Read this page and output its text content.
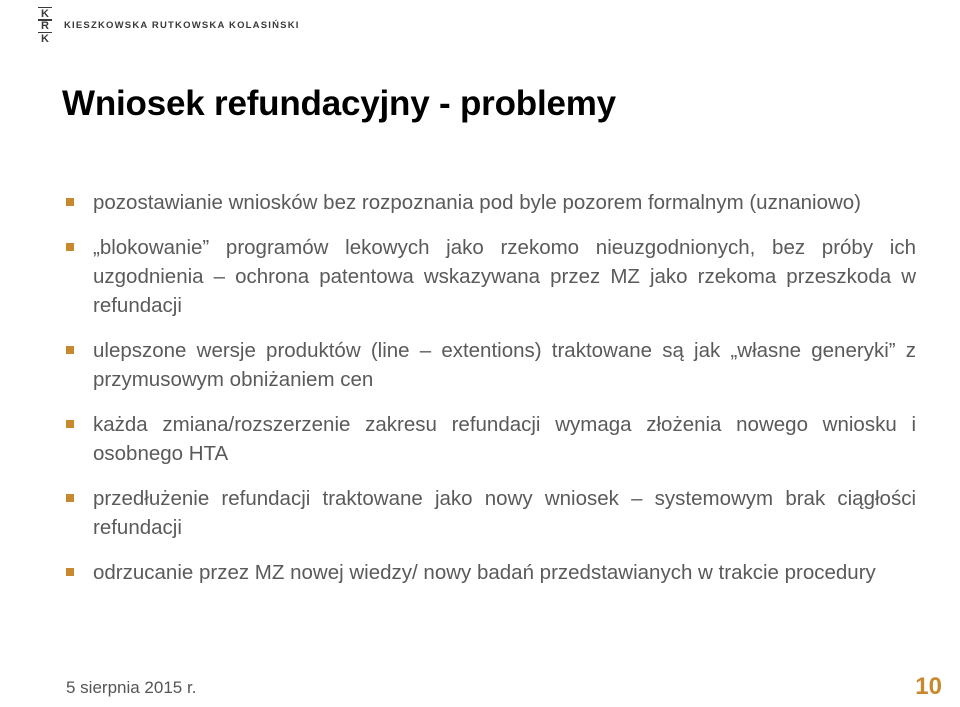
K
R
K
KIESZKOWSKA RUTKOWSKA KOLASIŃSKI
Wniosek refundacyjny - problemy
pozostawianie wniosków bez rozpoznania pod byle pozorem formalnym (uznaniowo)
„blokowanie” programów lekowych jako rzekomo nieuzgodnionych, bez próby ich uzgodnienia – ochrona patentowa wskazywana przez MZ jako rzekoma przeszkoda w refundacji
ulepszone wersje produktów (line – extentions) traktowane są jak „własne generyki” z przymusowym obniżaniem cen
każda zmiana/rozszerzenie zakresu refundacji wymaga złożenia nowego wniosku i osobnego HTA
przedłużenie refundacji traktowane jako nowy wniosek – systemowym brak ciągłości refundacji
odrzucanie przez MZ nowej wiedzy/ nowy badań przedstawianych w trakcie procedury
5 sierpnia 2015 r.	10
